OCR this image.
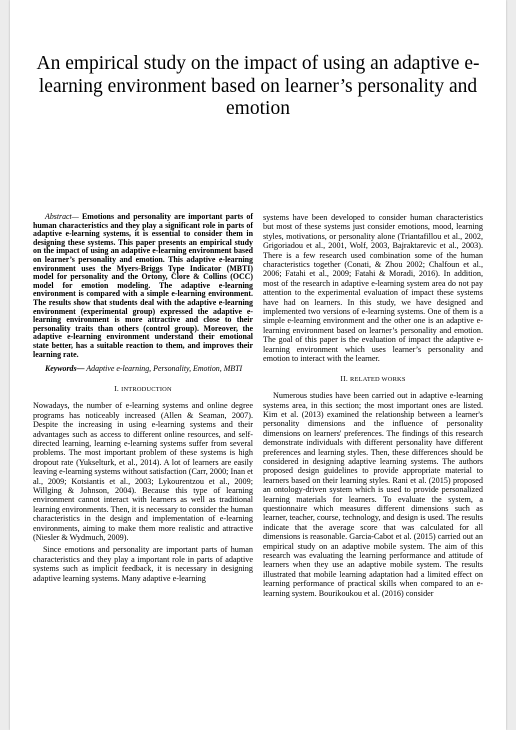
An empirical study on the impact of using an adaptive e-learning environment based on learner’s personality and emotion

Abstract— Emotions and personality are important parts of human characteristics and they play a significant role in parts of adaptive e-learning systems, it is essential to consider them in designing these systems. This paper presents an empirical study on the impact of using an adaptive e-learning environment based on learner’s personality and emotion. This adaptive e-learning environment uses the Myers-Briggs Type Indicator (MBTI) model for personality and the Ortony, Clore & Collins (OCC) model for emotion modeling. The adaptive e-learning environment is compared with a simple e-learning environment. The results show that students deal with the adaptive e-learning environment (experimental group) expressed the adaptive e-learning environment is more attractive and close to their personality traits than others (control group). Moreover, the adaptive e-learning environment understand their emotional state better, has a suitable reaction to them, and improves their learning rate.

Keywords— Adaptive e-learning, Personality, Emotion, MBTI

I. INTRODUCTION

Nowadays, the number of e-learning systems and online degree programs has noticeably increased (Allen & Seaman, 2007). Despite the increasing in using e-learning systems and their advantages such as access to different online resources, and self-directed learning, learning e-learning systems suffer from several problems. The most important problem of these systems is high dropout rate (Yukselturk, et al., 2014). A lot of learners are easily leaving e-learning systems without satisfaction (Carr, 2000; Inan et al., 2009; Kotsiantis et al., 2003; Lykourentzou et al., 2009; Willging & Johnson, 2004). Because this type of learning environment cannot interact with learners as well as traditional learning environments. Then, it is necessary to consider the human characteristics in the design and implementation of e-learning environments, aiming to make them more realistic and attractive (Niesler & Wydmuch, 2009).

Since emotions and personality are important parts of human characteristics and they play a important role in parts of adaptive systems such as implicit feedback, it is necessary in designing adaptive learning systems. Many adaptive e-learning

systems have been developed to consider human characteristics but most of these systems just consider emotions, mood, learning styles, motivations, or personality alone (Triantafillou et al., 2002, Grigoriadou et al., 2001, Wolf, 2003, Bajraktarevic et al., 2003). There is a few research used combination some of the human characteristics together (Conati, & Zhou 2002; Chalfoun et al., 2006; Fatahi et al., 2009; Fatahi & Moradi, 2016). In addition, most of the research in adaptive e-learning system area do not pay attention to the experimental evaluation of impact these systems have had on learners. In this study, we have designed and implemented two versions of e-learning systems. One of them is a simple e-learning environment and the other one is an adaptive e-learning environment based on learner’s personality and emotion. The goal of this paper is the evaluation of impact the adaptive e-learning environment which uses learner’s personality and emotion to interact with the learner.

II. RELATED WORKS

Numerous studies have been carried out in adaptive e-learning systems area, in this section; the most important ones are listed. Kim et al. (2013) examined the relationship between a learner's personality dimensions and the influence of personality dimensions on learners' preferences. The findings of this research demonstrate individuals with different personality have different preferences and learning styles. Then, these differences should be considered in designing adaptive learning systems. The authors proposed design guidelines to provide appropriate material to learners based on their learning styles. Rani et al. (2015) proposed an ontology-driven system which is used to provide personalized learning materials for learners. To evaluate the system, a questionnaire which measures different dimensions such as learner, teacher, course, technology, and design is used. The results indicate that the average score that was calculated for all dimensions is reasonable. Garcia-Cabot et al. (2015) carried out an empirical study on an adaptive mobile system. The aim of this research was evaluating the learning performance and attitude of learners when they use an adaptive mobile system. The results illustrated that mobile learning adaptation had a limited effect on learning performance of practical skills when compared to an e-learning system. Bourikoukou et al. (2016) consider
